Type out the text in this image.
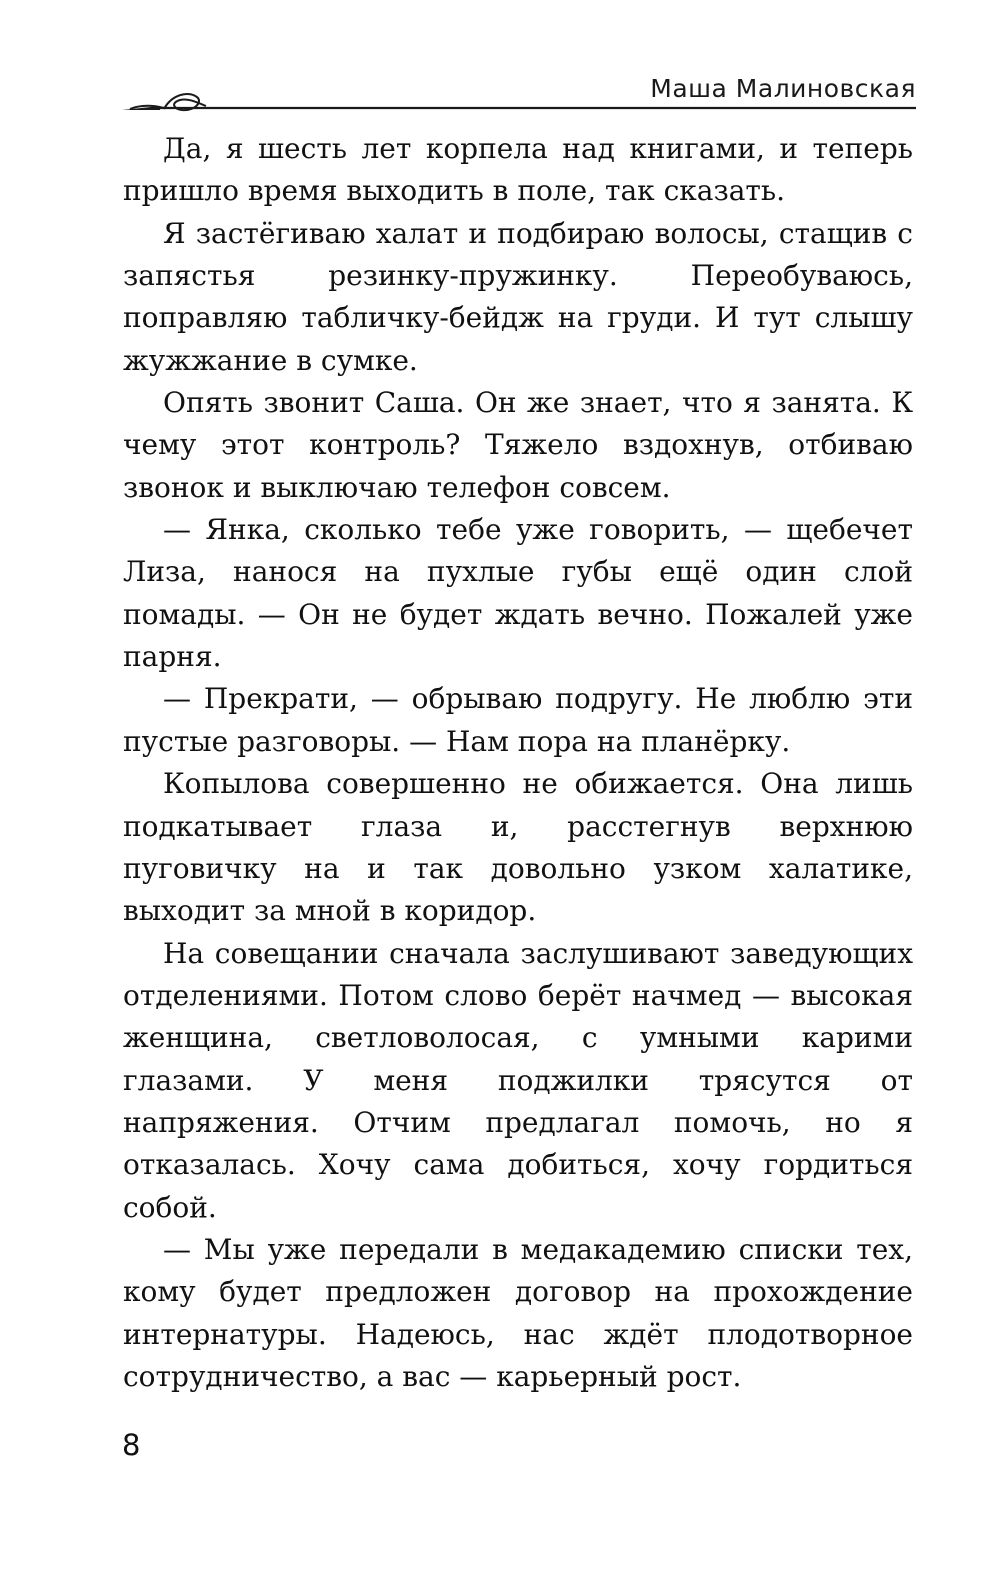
Маша Малиновская

Да, я шесть лет корпела над книгами, и теперь пришло время выходить в поле, так сказать.

Я застёгиваю халат и подбираю волосы, стащив с запястья резинку-пружинку. Переобуваюсь, поправляю табличку-бейдж на груди. И тут слышу жужжание в сумке.

Опять звонит Саша. Он же знает, что я занята. К чему этот контроль? Тяжело вздохнув, отбиваю звонок и выключаю телефон совсем.

— Янка, сколько тебе уже говорить, — щебечет Лиза, нанося на пухлые губы ещё один слой помады. — Он не будет ждать вечно. Пожалей уже парня.

— Прекрати, — обрываю подругу. Не люблю эти пустые разговоры. — Нам пора на планёрку.

Копылова совершенно не обижается. Она лишь подкатывает глаза и, расстегнув верхнюю пуговичку на и так довольно узком халатике, выходит за мной в коридор.

На совещании сначала заслушивают заведующих отделениями. Потом слово берёт начмед — высокая женщина, светловолосая, с умными карими глазами. У меня поджилки трясутся от напряжения. Отчим предлагал помочь, но я отказалась. Хочу сама добиться, хочу гордиться собой.

— Мы уже передали в медакадемию списки тех, кому будет предложен договор на прохождение интернатуры. Надеюсь, нас ждёт плодотворное сотрудничество, а вас — карьерный рост.

8
